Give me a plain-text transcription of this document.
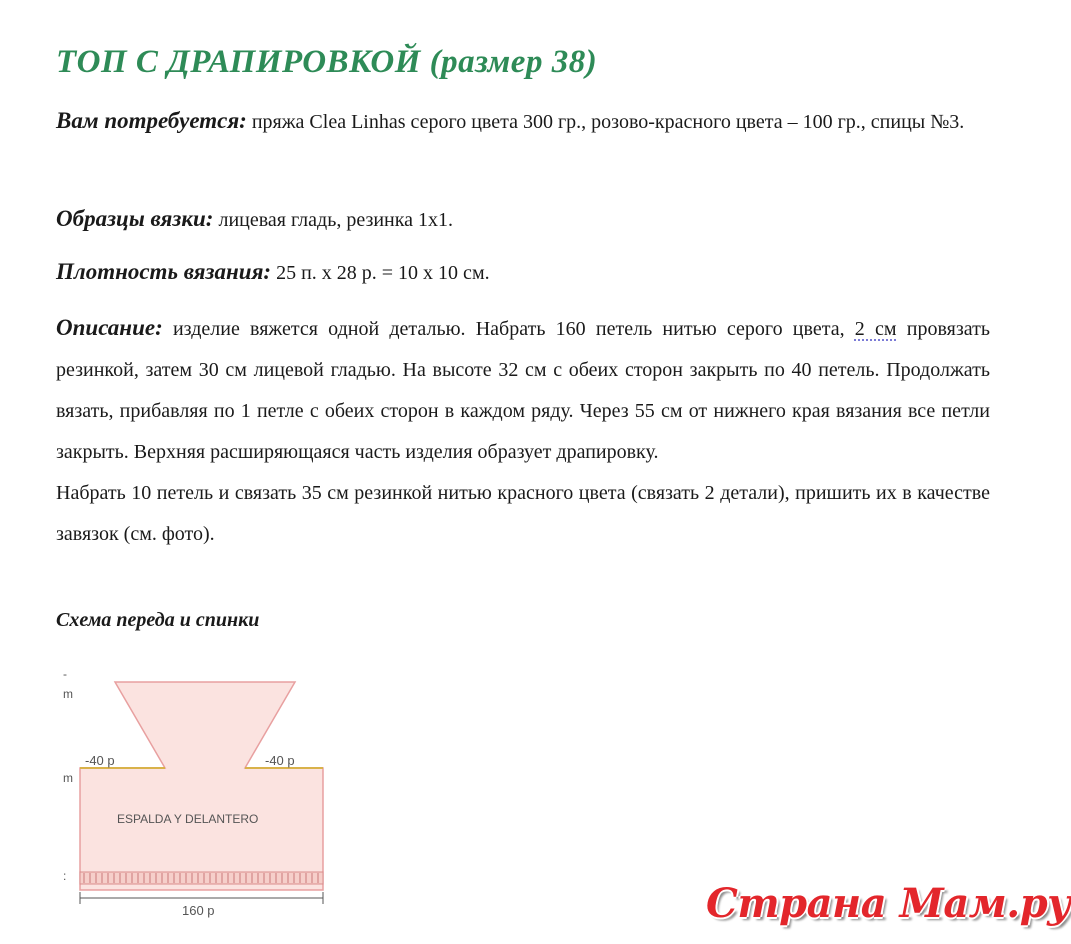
ТОП С ДРАПИРОВКОЙ (размер 38)

Вам потребуется: пряжа Clea Linhas серого цвета 300 гр., розово-красного цвета – 100 гр., спицы №3.

Образцы вязки: лицевая гладь, резинка 1х1.

Плотность вязания: 25 п. х 28 р. = 10 х 10 см.

Описание: изделие вяжется одной деталью. Набрать 160 петель нитью серого цвета, 2 см провязать резинкой, затем 30 см лицевой гладью. На высоте 32 см с обеих сторон закрыть по 40 петель. Продолжать вязать, прибавляя по 1 петле с обеих сторон в каждом ряду. Через 55 см от нижнего края вязания все петли закрыть. Верхняя расширяющаяся часть изделия образует драпировку.
Набрать 10 петель и связать 35 см резинкой нитью красного цвета (связать 2 детали), пришить их в качестве завязок (см. фото).

Схема переда и спинки
m
-
m
:
-40 p	-40 p
ESPALDA Y DELANTERO
160 p	Страна Мам.ру
